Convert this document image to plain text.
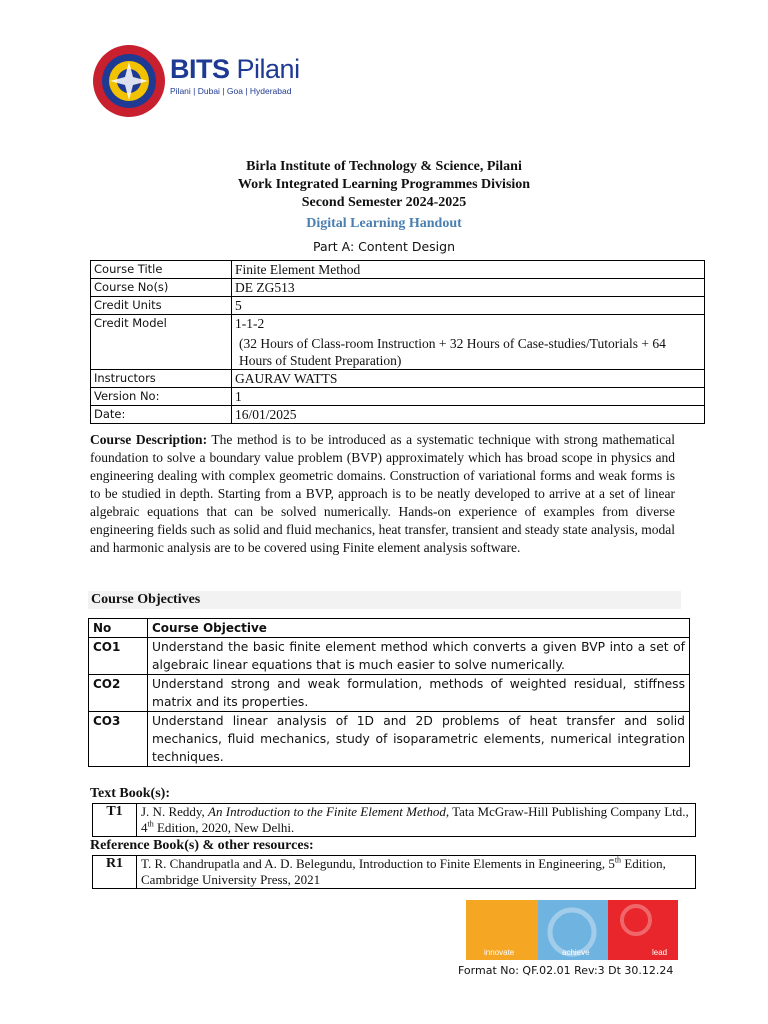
BITS Pilani
Pilani | Dubai | Goa | Hyderabad
Birla Institute of Technology & Science, Pilani
Work Integrated Learning Programmes Division
Second Semester 2024-2025
Digital Learning Handout
Part A: Content Design
Course Title	Finite Element Method
Course No(s)	DE ZG513
Credit Units	5
Credit Model	1-1-2
(32 Hours of Class-room Instruction + 32 Hours of Case-studies/Tutorials + 64 Hours of Student Preparation)

Instructors	GAURAV WATTS
Version No:	1
Date:	16/01/2025
Course Description: The method is to be introduced as a systematic technique with strong mathematical foundation to solve a boundary value problem (BVP) approximately which has broad scope in physics and engineering dealing with complex geometric domains. Construction of variational forms and weak forms is to be studied in depth. Starting from a BVP, approach is to be neatly developed to arrive at a set of linear algebraic equations that can be solved numerically. Hands-on experience of examples from diverse engineering fields such as solid and fluid mechanics, heat transfer, transient and steady state analysis, modal and harmonic analysis are to be covered using Finite element analysis software.
Course Objectives
No	Course Objective
CO1	Understand the basic finite element method which converts a given BVP into a set of algebraic linear equations that is much easier to solve numerically.
CO2	Understand strong and weak formulation, methods of weighted residual, stiffness matrix and its properties.
CO3	Understand linear analysis of 1D and 2D problems of heat transfer and solid mechanics, fluid mechanics, study of isoparametric elements, numerical integration techniques.
Text Book(s):
T1	J. N. Reddy, An Introduction to the Finite Element Method, Tata McGraw-Hill Publishing Company Ltd., 4th Edition, 2020, New Delhi.
Reference Book(s) & other resources:
R1	T. R. Chandrupatla and A. D. Belegundu, Introduction to Finite Elements in Engineering, 5th Edition, Cambridge University Press, 2021
innovate	achieve	lead
Format No: QF.02.01 Rev:3 Dt 30.12.24
